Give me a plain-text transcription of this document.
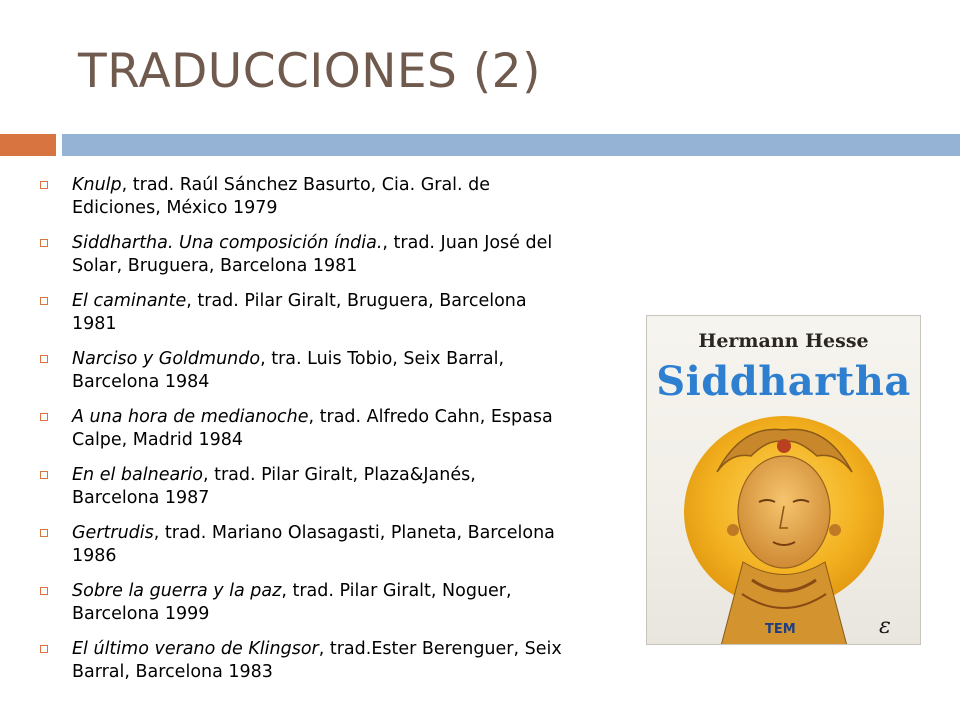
TRADUCCIONES (2)
Knulp, trad. Raúl Sánchez Basurto, Cia. Gral. de
Ediciones, México 1979
Siddhartha. Una composición índia., trad. Juan José del
Solar, Bruguera, Barcelona 1981
El caminante, trad. Pilar Giralt, Bruguera, Barcelona
1981
Narciso y Goldmundo, tra. Luis Tobio, Seix Barral,
Barcelona 1984
A una hora de medianoche, trad. Alfredo Cahn, Espasa
Calpe, Madrid 1984
En el balneario, trad. Pilar Giralt, Plaza&Janés,
Barcelona 1987
Gertrudis, trad. Mariano Olasagasti, Planeta, Barcelona
1986
Sobre la guerra y la paz, trad. Pilar Giralt, Noguer,
Barcelona 1999
El último verano de Klingsor, trad.Ester Berenguer, Seix
Barral, Barcelona 1983
Hermann Hesse
Siddhartha
TEM	ɛ
